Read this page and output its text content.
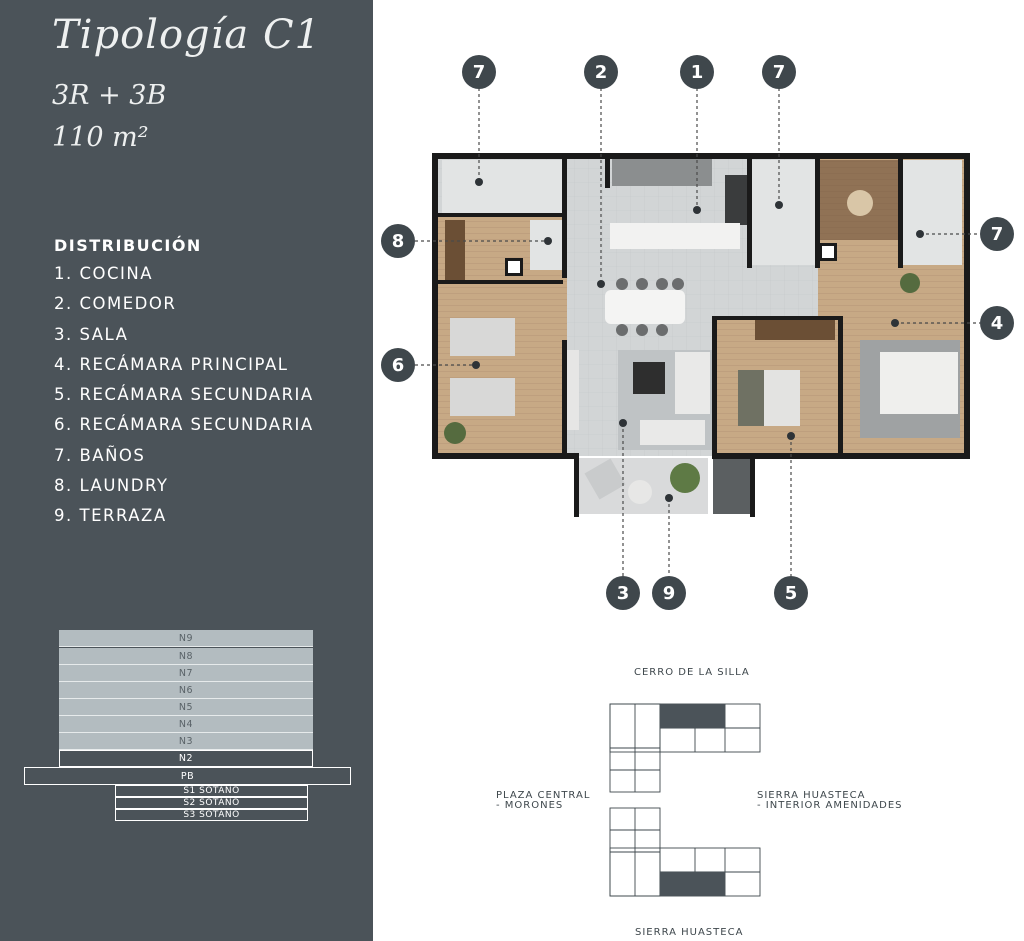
Tipología C1
3R + 3B
110 m²
DISTRIBUCIÓN
1. COCINA
2. COMEDOR
3. SALA
4. RECÁMARA PRINCIPAL
5. RECÁMARA SECUNDARIA
6. RECÁMARA SECUNDARIA
7. BAÑOS
8. LAUNDRY
9. TERRAZA
N9
N8
N7
N6
N5
N4
N3
N2
PB
S1 SÓTANO
S2 SÓTANO
S3 SÓTANO
7	2	1	7
8	7
4
6
3	9	5
CERRO DE LA SILLA
PLAZA CENTRAL
- MORONES
SIERRA HUASTECA
- INTERIOR AMENIDADES
SIERRA HUASTECA
